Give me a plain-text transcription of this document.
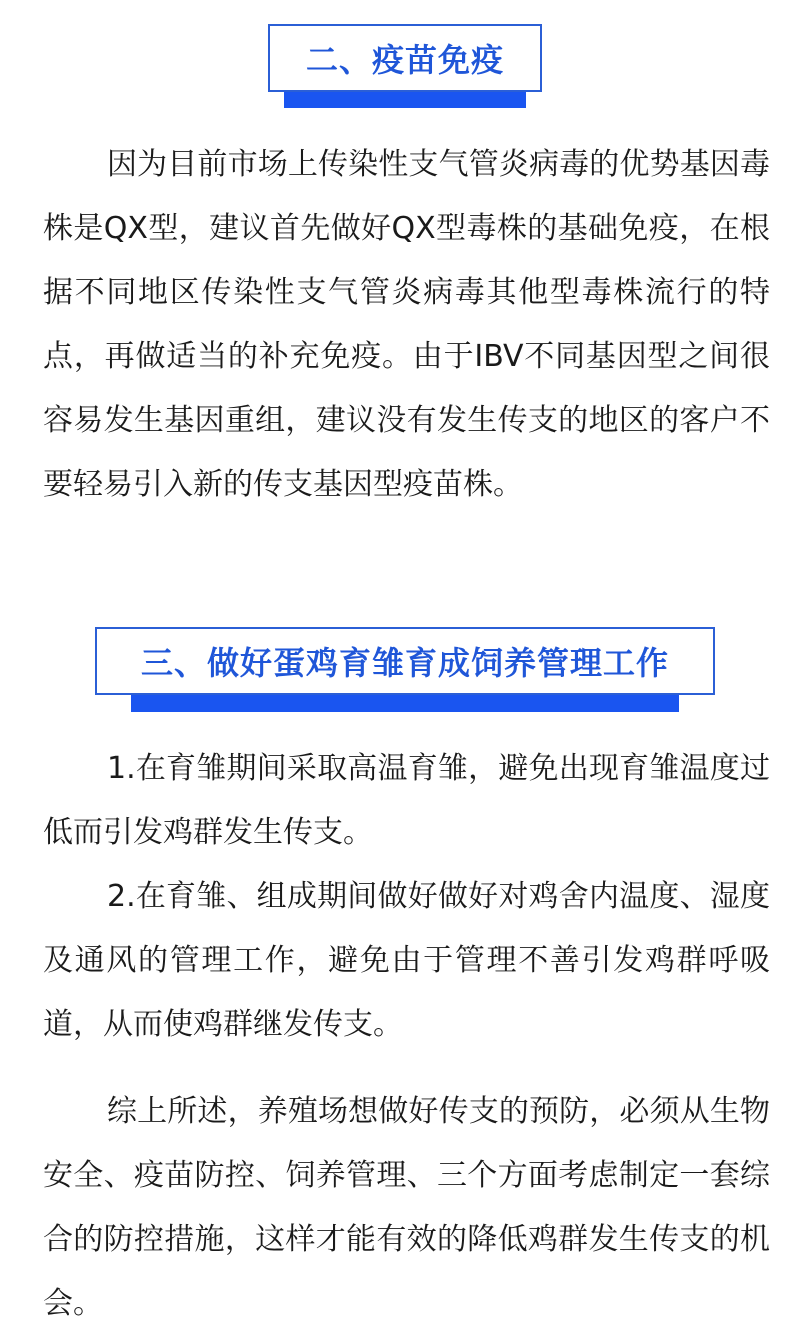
二、疫苗免疫

因为目前市场上传染性支气管炎病毒的优势基因毒株是QX型，建议首先做好QX型毒株的基础免疫，在根据不同地区传染性支气管炎病毒其他型毒株流行的特点，再做适当的补充免疫。由于IBV不同基因型之间很容易发生基因重组，建议没有发生传支的地区的客户不要轻易引入新的传支基因型疫苗株。

三、做好蛋鸡育雏育成饲养管理工作

1.在育雏期间采取高温育雏，避免出现育雏温度过低而引发鸡群发生传支。

2.在育雏、组成期间做好做好对鸡舍内温度、湿度及通风的管理工作，避免由于管理不善引发鸡群呼吸道，从而使鸡群继发传支。

综上所述，养殖场想做好传支的预防，必须从生物安全、疫苗防控、饲养管理、三个方面考虑制定一套综合的防控措施，这样才能有效的降低鸡群发生传支的机会。
